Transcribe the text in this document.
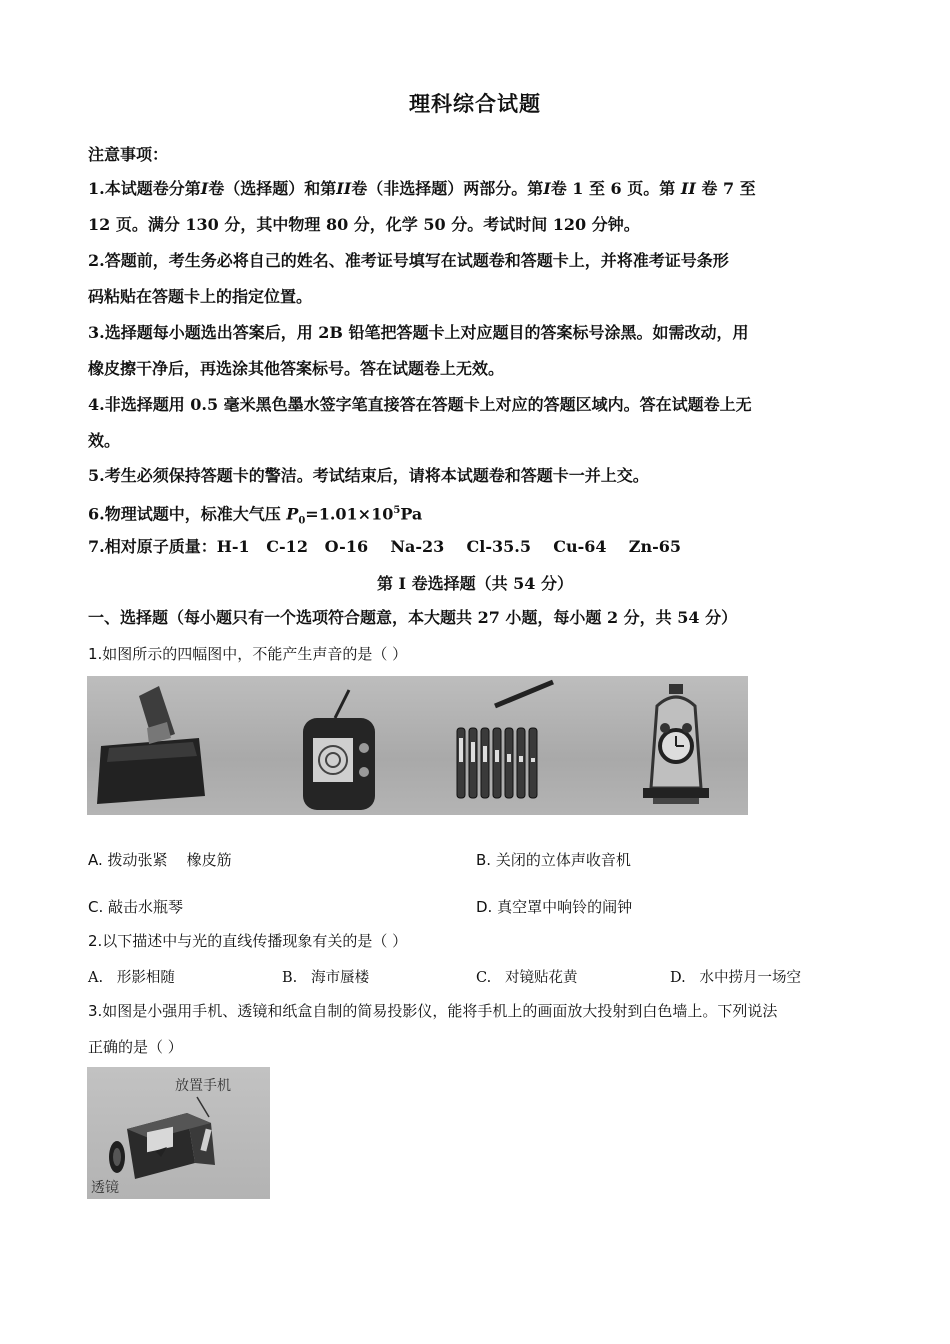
理科综合试题
注意事项：
1.本试题卷分第I卷（选择题）和第II卷（非选择题）两部分。第I卷 1 至 6 页。第 II 卷 7 至
12 页。满分 130 分，其中物理 80 分，化学 50 分。考试时间 120 分钟。
2.答题前，考生务必将自己的姓名、准考证号填写在试题卷和答题卡上，并将准考证号条形
码粘贴在答题卡上的指定位置。
3.选择题每小题选出答案后，用 2B 铅笔把答题卡上对应题目的答案标号涂黑。如需改动，用
橡皮擦干净后，再选涂其他答案标号。答在试题卷上无效。
4.非选择题用 0.5 毫米黑色墨水签字笔直接答在答题卡上对应的答题区域内。答在试题卷上无
效。
5.考生必须保持答题卡的警洁。考试结束后，请将本试题卷和答题卡一并上交。
6.物理试题中，标准大气压 $P_0=1.01\times 10^5Pa$
7.相对原子质量：H-1   C-12   O-16    Na-23    Cl-35.5    Cu-64    Zn-65
第 I 卷选择题（共 54 分）
一、选择题（每小题只有一个选项符合题意，本大题共 27 小题，每小题 2 分，共 54 分）
1.如图所示的四幅图中，不能产生声音的是（ ）
A. 拨动张紧    橡皮筋	B. 关闭的立体声收音机
C. 敲击水瓶琴	D. 真空罩中响铃的闹钟
2.以下描述中与光的直线传播现象有关的是（ ）
A.   形影相随	B.   海市蜃楼	C.   对镜贴花黄	D.   水中捞月一场空
3.如图是小强用手机、透镜和纸盒自制的简易投影仪，能将手机上的画面放大投射到白色墙上。下列说法
正确的是（ ）
放置手机
透镜
